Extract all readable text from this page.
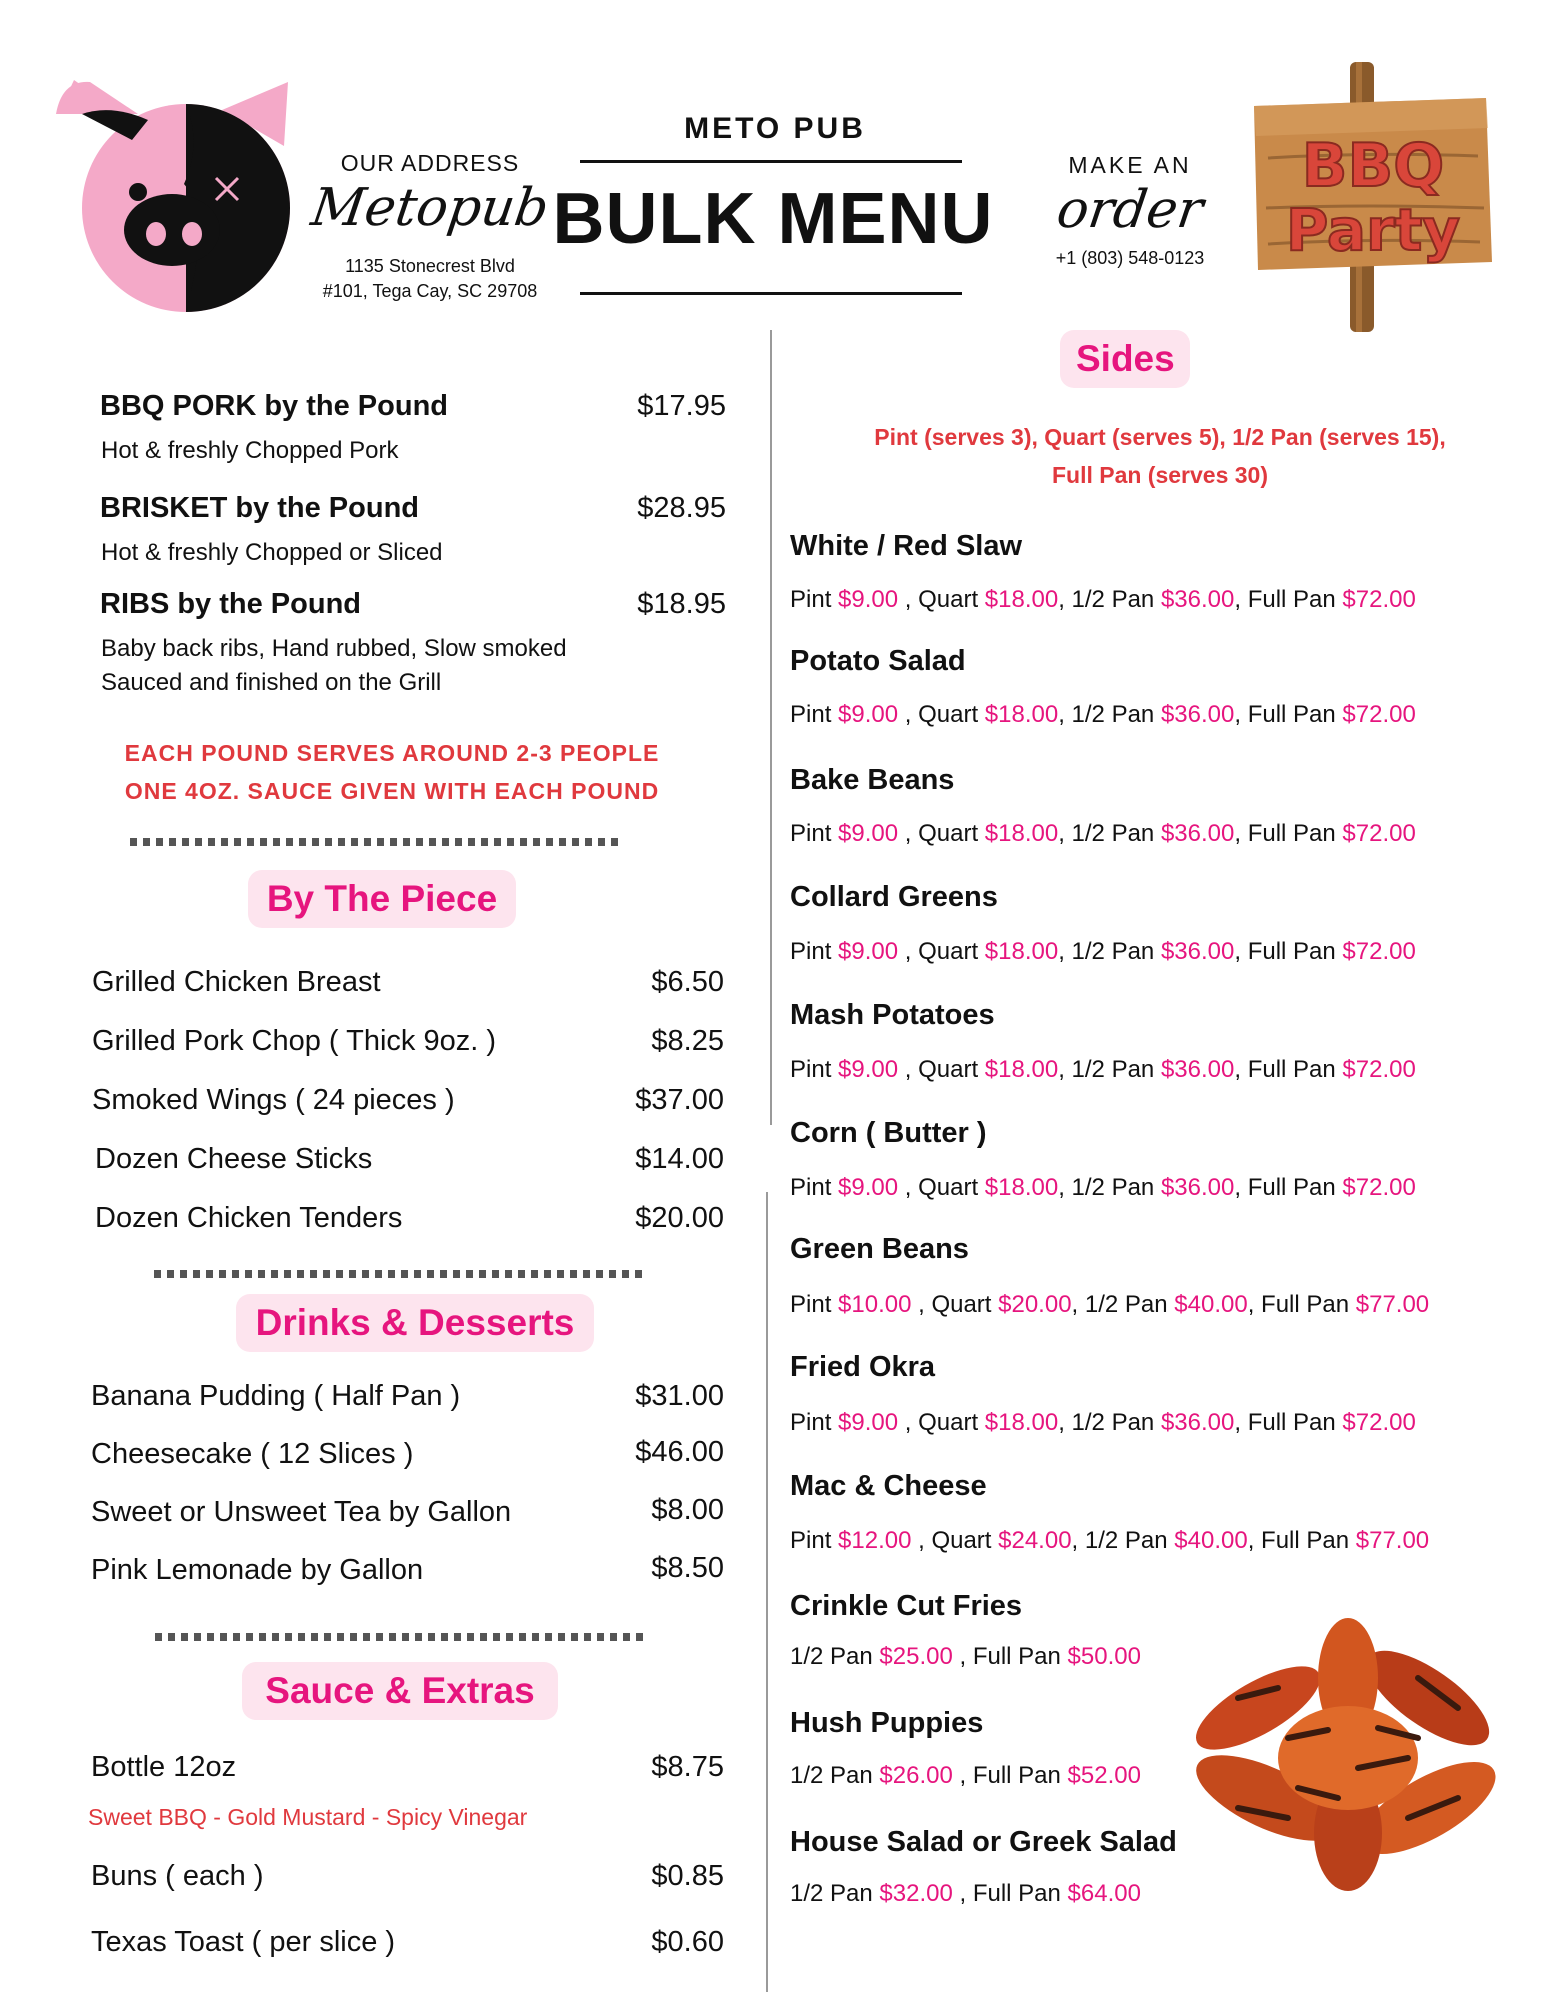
OUR ADDRESS
Metopub
1135 Stonecrest Blvd
#101, Tega Cay, SC 29708
METO PUB
BULK MENU
MAKE AN
order
+1 (803) 548-0123
BBQ
Party
BBQ PORK by the Pound	$17.95
Hot & freshly Chopped Pork
BRISKET by the Pound	$28.95
Hot & freshly Chopped or Sliced
RIBS by the Pound	$18.95
Baby back ribs, Hand rubbed, Slow smoked
Sauced and finished on the Grill
EACH POUND SERVES AROUND 2-3 PEOPLE
ONE 4OZ. SAUCE GIVEN WITH EACH POUND
By The Piece
Grilled Chicken Breast	$6.50
Grilled Pork Chop ( Thick 9oz. )	$8.25
Smoked Wings ( 24 pieces )	$37.00
Dozen Cheese Sticks	$14.00
Dozen Chicken Tenders	$20.00
Drinks & Desserts
Banana Pudding ( Half Pan )	$31.00
Cheesecake ( 12 Slices )	$46.00
Sweet or Unsweet Tea by Gallon	$8.00
Pink Lemonade by Gallon	$8.50
Sauce & Extras
Bottle 12oz	$8.75
Sweet BBQ - Gold Mustard - Spicy Vinegar
Buns ( each )	$0.85
Texas Toast ( per slice )	$0.60
Sides
Pint (serves 3), Quart (serves 5), 1/2 Pan (serves 15),
Full Pan (serves 30)
White / Red Slaw
Pint $9.00 , Quart $18.00, 1/2 Pan $36.00, Full Pan $72.00
Potato Salad
Pint $9.00 , Quart $18.00, 1/2 Pan $36.00, Full Pan $72.00
Bake Beans
Pint $9.00 , Quart $18.00, 1/2 Pan $36.00, Full Pan $72.00
Collard Greens
Pint $9.00 , Quart $18.00, 1/2 Pan $36.00, Full Pan $72.00
Mash Potatoes
Pint $9.00 , Quart $18.00, 1/2 Pan $36.00, Full Pan $72.00
Corn ( Butter )
Pint $9.00 , Quart $18.00, 1/2 Pan $36.00, Full Pan $72.00
Green Beans
Pint $10.00 , Quart $20.00, 1/2 Pan $40.00, Full Pan $77.00
Fried Okra
Pint $9.00 , Quart $18.00, 1/2 Pan $36.00, Full Pan $72.00
Mac & Cheese
Pint $12.00 , Quart $24.00, 1/2 Pan $40.00, Full Pan $77.00
Crinkle Cut Fries
1/2 Pan $25.00 , Full Pan $50.00
Hush Puppies
1/2 Pan $26.00 , Full Pan $52.00
House Salad or Greek Salad
1/2 Pan $32.00 , Full Pan $64.00
